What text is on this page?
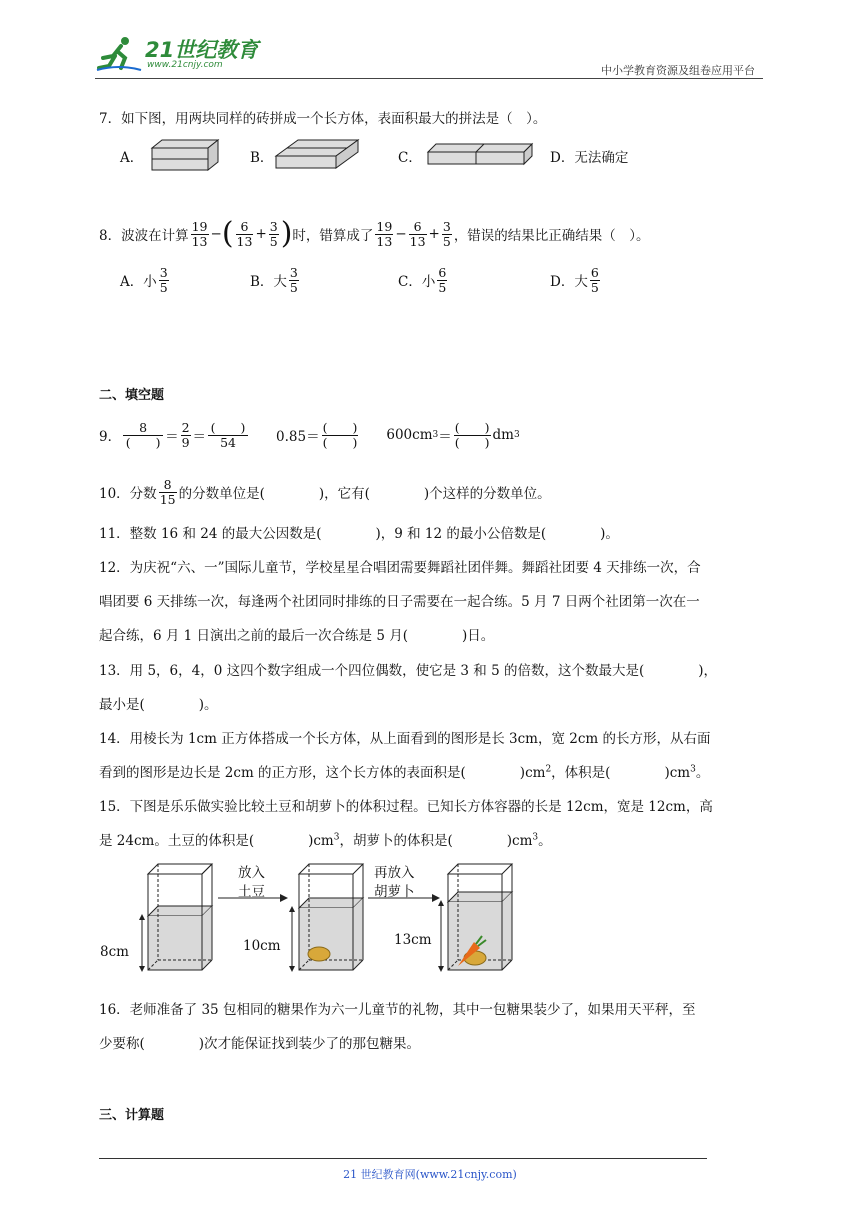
21世纪教育
www.21cnjy.com	中小学教育资源及组卷应用平台
7．如下图，用两块同样的砖拼成一个长方体，表面积最大的拼法是（　）。
A．	B．	C．	D．无法确定
8．波波在计算 $\frac{19}{13}$ − ( $\frac{6}{13} + \frac{3}{5}$ ) 时，错算成了 $\frac{19}{13} - \frac{6}{13} + \frac{3}{5}$ ，错误的结果比正确结果（　）。
A．小 $\frac{3}{5}$	B．大 $\frac{3}{5}$	C．小 $\frac{6}{5}$	D．大 $\frac{6}{5}$
二、填空题
9． $\frac{8}{( )} = \frac{2}{9} = \frac{( )}{54} 0.85= \frac{( )}{( )} 600cm$ $3 = \frac{( )}{( )}$ dm 3
10．分数 $\frac{8}{15}$ 的分数单位是(　　　　)，它有(　　　　)个这样的分数单位。
11．整数 16 和 24 的最大公因数是(　　　　)，9 和 12 的最小公倍数是(　　　　)。
12．为庆祝“六、一”国际儿童节，学校星星合唱团需要舞蹈社团伴舞。舞蹈社团要 4 天排练一次，合
唱团要 6 天排练一次，每逢两个社团同时排练的日子需要在一起合练。5 月 7 日两个社团第一次在一
起合练，6 月 1 日演出之前的最后一次合练是 5 月(　　　　)日。
13．用 5，6，4，0 这四个数字组成一个四位偶数，使它是 3 和 5 的倍数，这个数最大是(　　　　)，
最小是(　　　　)。
14．用棱长为 1cm 正方体搭成一个长方体，从上面看到的图形是长 3cm，宽 2cm 的长方形，从右面
看到的图形是边长是 2cm 的正方形，这个长方体的表面积是(　　　　)$cm^2$，体积是(　　　　)$cm^3$。
15．下图是乐乐做实验比较土豆和胡萝卜的体积过程。已知长方体容器的长是 12cm，宽是 12cm，高
是 24cm。土豆的体积是(　　　　)$cm^3$，胡萝卜的体积是(　　　　)$cm^3$。
8cm	10cm	13cm
放入
土豆
再放入
胡萝卜
16．老师准备了 35 包相同的糖果作为六一儿童节的礼物，其中一包糖果装少了，如果用天平秤，至
少要称(　　　　)次才能保证找到装少了的那包糖果。
三、计算题
21 世纪教育网(www.21cnjy.com)
